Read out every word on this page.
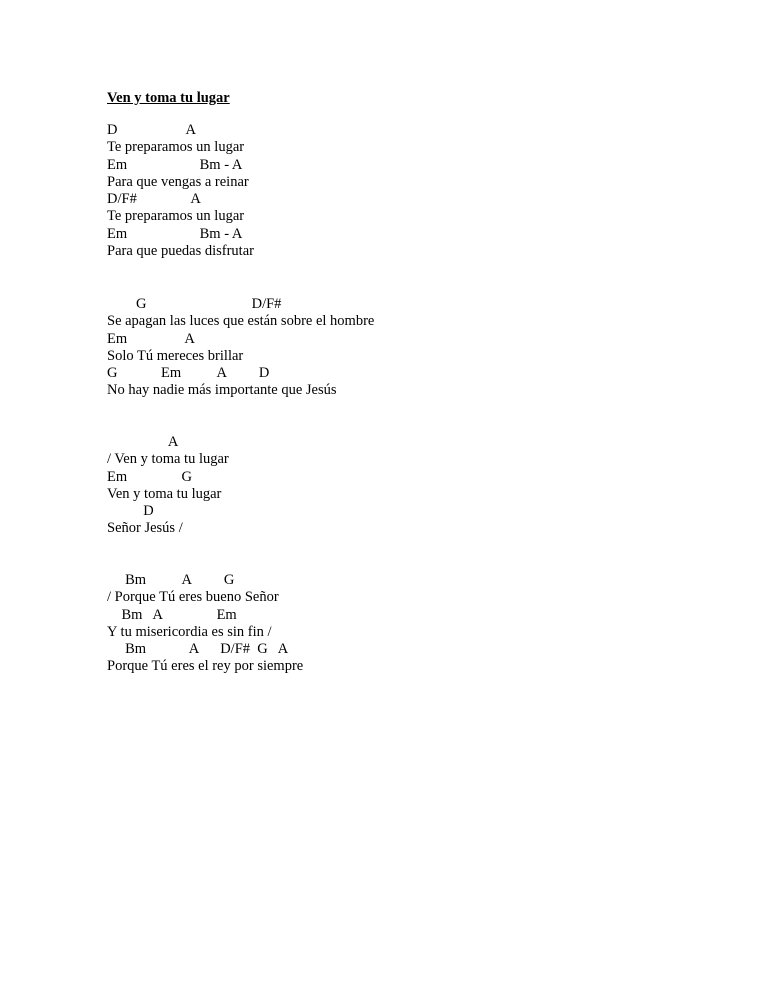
Ven y toma tu lugar
D                   A
Te preparamos un lugar
Em                    Bm - A
Para que vengas a reinar
D/F#               A
Te preparamos un lugar
Em                    Bm - A
Para que puedas disfrutar
G                             D/F#
Se apagan las luces que están sobre el hombre
Em                A
Solo Tú mereces brillar
G            Em          A         D
No hay nadie más importante que Jesús
A
/ Ven y toma tu lugar
Em               G
Ven y toma tu lugar
D
Señor Jesús /
Bm          A         G
/ Porque Tú eres bueno Señor
Bm   A               Em
Y tu misericordia es sin fin /
Bm            A      D/F#  G   A
Porque Tú eres el rey por siempre
